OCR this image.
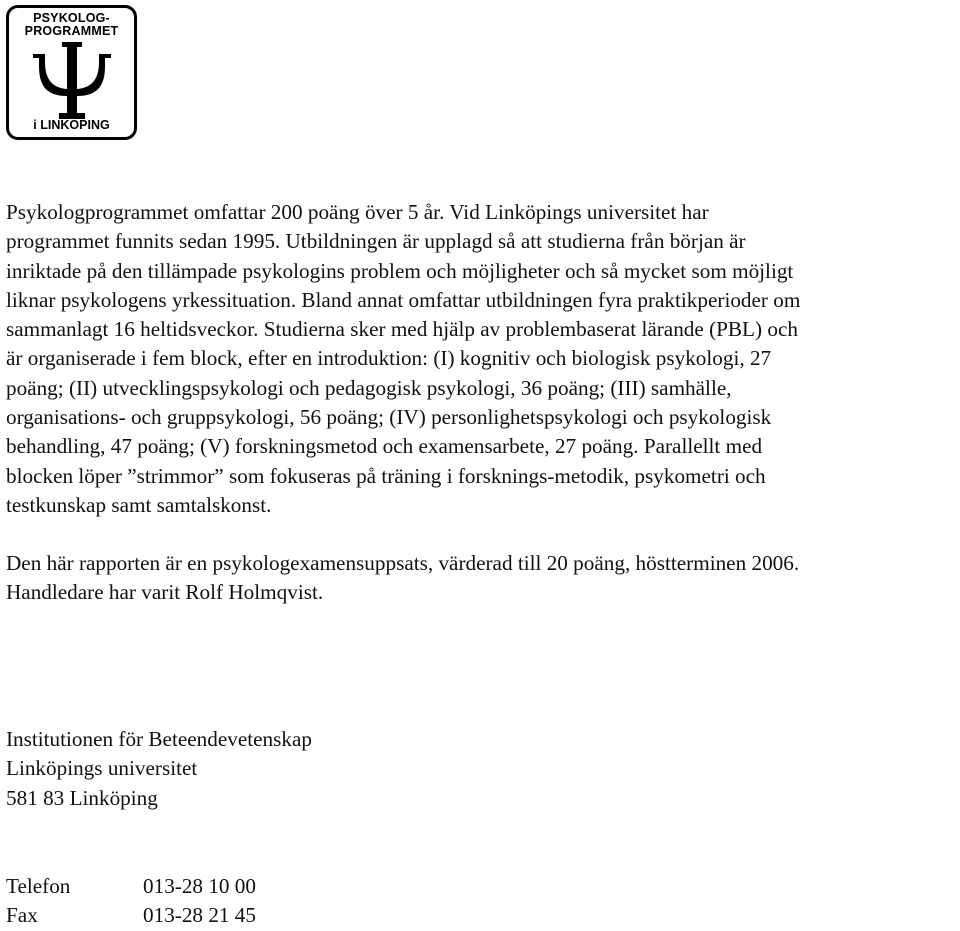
PSYKOLOG-
PROGRAMMET
i LINKÖPING

Psykologprogrammet omfattar 200 poäng över 5 år. Vid Linköpings universitet har
programmet funnits sedan 1995. Utbildningen är upplagd så att studierna från början är
inriktade på den tillämpade psykologins problem och möjligheter och så mycket som möjligt
liknar psykologens yrkessituation. Bland annat omfattar utbildningen fyra praktikperioder om
sammanlagt 16 heltidsveckor. Studierna sker med hjälp av problembaserat lärande (PBL) och
är organiserade i fem block, efter en introduktion: (I) kognitiv och biologisk psykologi, 27
poäng; (II) utvecklingspsykologi och pedagogisk psykologi, 36 poäng; (III) samhälle,
organisations- och gruppsykologi, 56 poäng; (IV) personlighetspsykologi och psykologisk
behandling, 47 poäng; (V) forskningsmetod och examensarbete, 27 poäng. Parallellt med
blocken löper ”strimmor” som fokuseras på träning i forsknings-metodik, psykometri och
testkunskap samt samtalskonst.

Den här rapporten är en psykologexamensuppsats, värderad till 20 poäng, höstterminen 2006.
Handledare har varit Rolf Holmqvist.

Institutionen för Beteendevetenskap
Linköpings universitet
581 83 Linköping

Telefon	013-28 10 00
Fax	013-28 21 45
